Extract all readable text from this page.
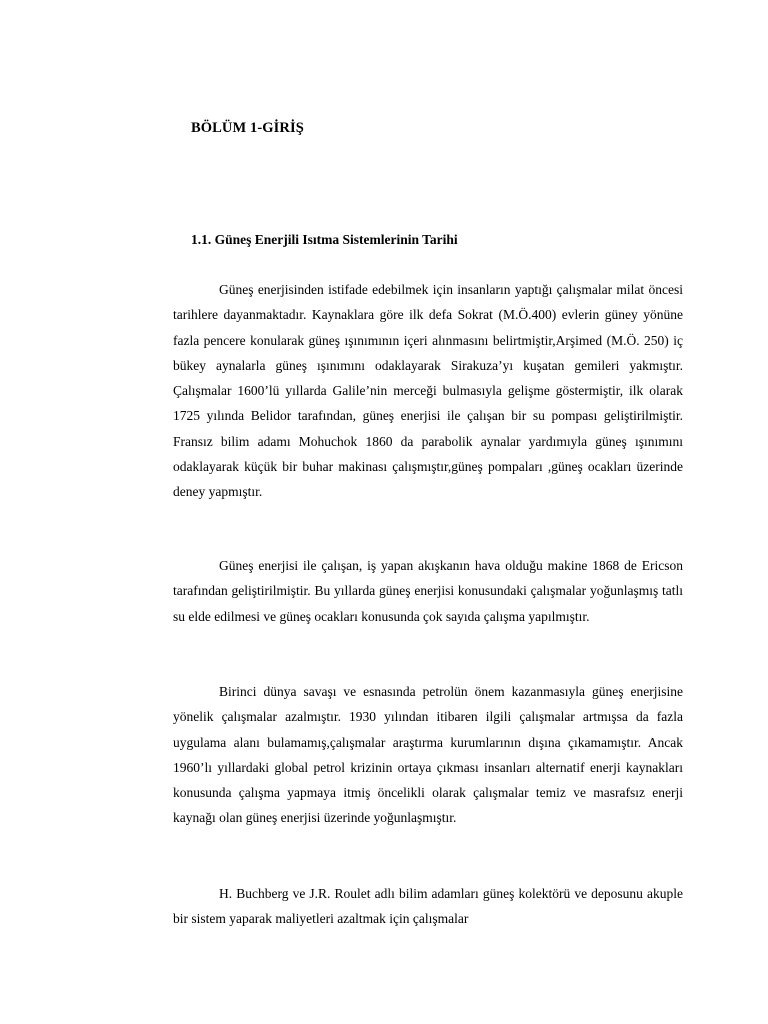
BÖLÜM 1-GİRİŞ
1.1. Güneş Enerjili Isıtma Sistemlerinin Tarihi

Güneş enerjisinden istifade edebilmek için insanların yaptığı çalışmalar milat öncesi tarihlere dayanmaktadır. Kaynaklara göre ilk defa Sokrat (M.Ö.400) evlerin güney yönüne fazla pencere konularak güneş ışınımının içeri alınmasını belirtmiştir,Arşimed (M.Ö. 250) iç bükey aynalarla güneş ışınımını odaklayarak Sirakuza’yı kuşatan gemileri yakmıştır. Çalışmalar 1600’lü yıllarda Galile’nin merceği bulmasıyla gelişme göstermiştir, ilk olarak 1725 yılında Belidor tarafından, güneş enerjisi ile çalışan bir su pompası geliştirilmiştir. Fransız bilim adamı Mohuchok 1860 da parabolik aynalar yardımıyla güneş ışınımını odaklayarak küçük bir buhar makinası çalışmıştır,güneş pompaları ,güneş ocakları üzerinde deney yapmıştır.

Güneş enerjisi ile çalışan, iş yapan akışkanın hava olduğu makine 1868 de Ericson tarafından geliştirilmiştir. Bu yıllarda güneş enerjisi konusundaki çalışmalar yoğunlaşmış tatlı su elde edilmesi ve güneş ocakları konusunda çok sayıda çalışma yapılmıştır.

Birinci dünya savaşı ve esnasında petrolün önem kazanmasıyla güneş enerjisine yönelik çalışmalar azalmıştır. 1930 yılından itibaren ilgili çalışmalar artmışsa da fazla uygulama alanı bulamamış,çalışmalar araştırma kurumlarının dışına çıkamamıştır. Ancak 1960’lı yıllardaki global petrol krizinin ortaya çıkması insanları alternatif enerji kaynakları konusunda çalışma yapmaya itmiş öncelikli olarak çalışmalar temiz ve masrafsız enerji kaynağı olan güneş enerjisi üzerinde yoğunlaşmıştır.

H. Buchberg ve J.R. Roulet adlı bilim adamları güneş kolektörü ve deposunu akuple bir sistem yaparak maliyetleri azaltmak için çalışmalar
